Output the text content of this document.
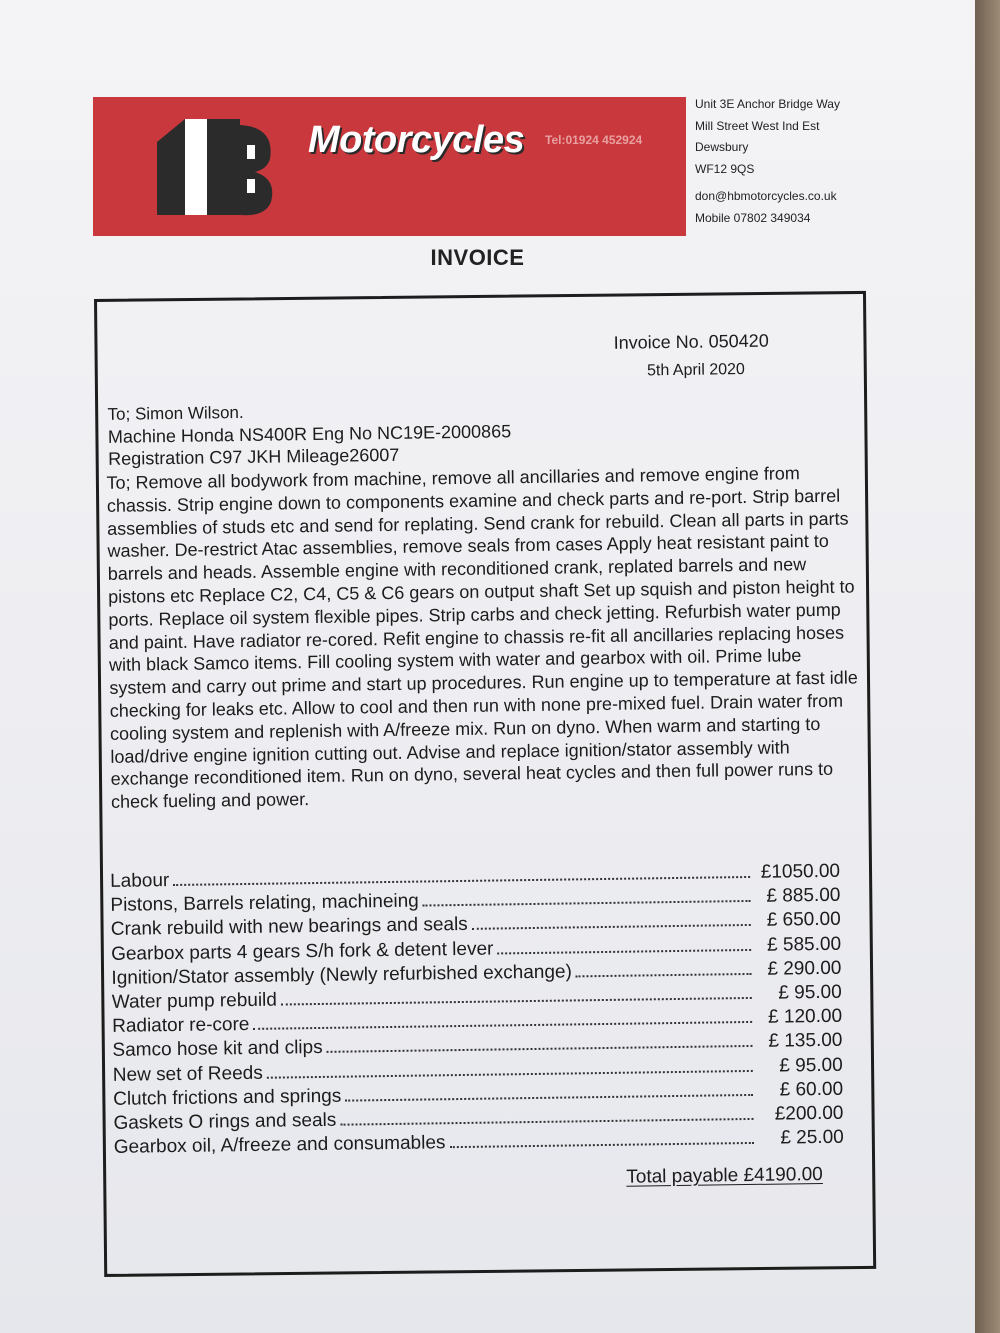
Motorcycles Tel:01924 452924
Unit 3E Anchor Bridge Way
Mill Street West Ind Est
Dewsbury
WF12 9QS
don@hbmotorcycles.co.uk
Mobile 07802 349034
INVOICE
Invoice No. 050420
5th April 2020
To; Simon Wilson.
Machine Honda NS400R Eng No NC19E-2000865
Registration C97 JKH Mileage26007
To; Remove all bodywork from machine, remove all ancillaries and remove engine from chassis. Strip engine down to components examine and check parts and re-port. Strip barrel assemblies of studs etc and send for replating. Send crank for rebuild. Clean all parts in parts washer. De-restrict Atac assemblies, remove seals from cases Apply heat resistant paint to barrels and heads. Assemble engine with reconditioned crank, replated barrels and new pistons etc Replace C2, C4, C5 & C6 gears on output shaft Set up squish and piston height to ports. Replace oil system flexible pipes. Strip carbs and check jetting. Refurbish water pump and paint. Have radiator re-cored. Refit engine to chassis re-fit all ancillaries replacing hoses with black Samco items. Fill cooling system with water and gearbox with oil. Prime lube system and carry out prime and start up procedures. Run engine up to temperature at fast idle checking for leaks etc. Allow to cool and then run with none pre-mixed fuel. Drain water from cooling system and replenish with A/freeze mix. Run on dyno. When warm and starting to load/drive engine ignition cutting out. Advise and replace ignition/stator assembly with exchange reconditioned item. Run on dyno, several heat cycles and then full power runs to check fueling and power.
Labour	£1050.00
Pistons, Barrels relating, machineing	£ 885.00
Crank rebuild with new bearings and seals	£ 650.00
Gearbox parts 4 gears S/h fork & detent lever	£ 585.00
Ignition/Stator assembly (Newly refurbished exchange)	£ 290.00
Water pump rebuild	£ 95.00
Radiator re-core	£ 120.00
Samco hose kit and clips	£ 135.00
New set of Reeds	£ 95.00
Clutch frictions and springs	£ 60.00
Gaskets O rings and seals	£200.00
Gearbox oil, A/freeze and consumables	£ 25.00
Total payable £4190.00
